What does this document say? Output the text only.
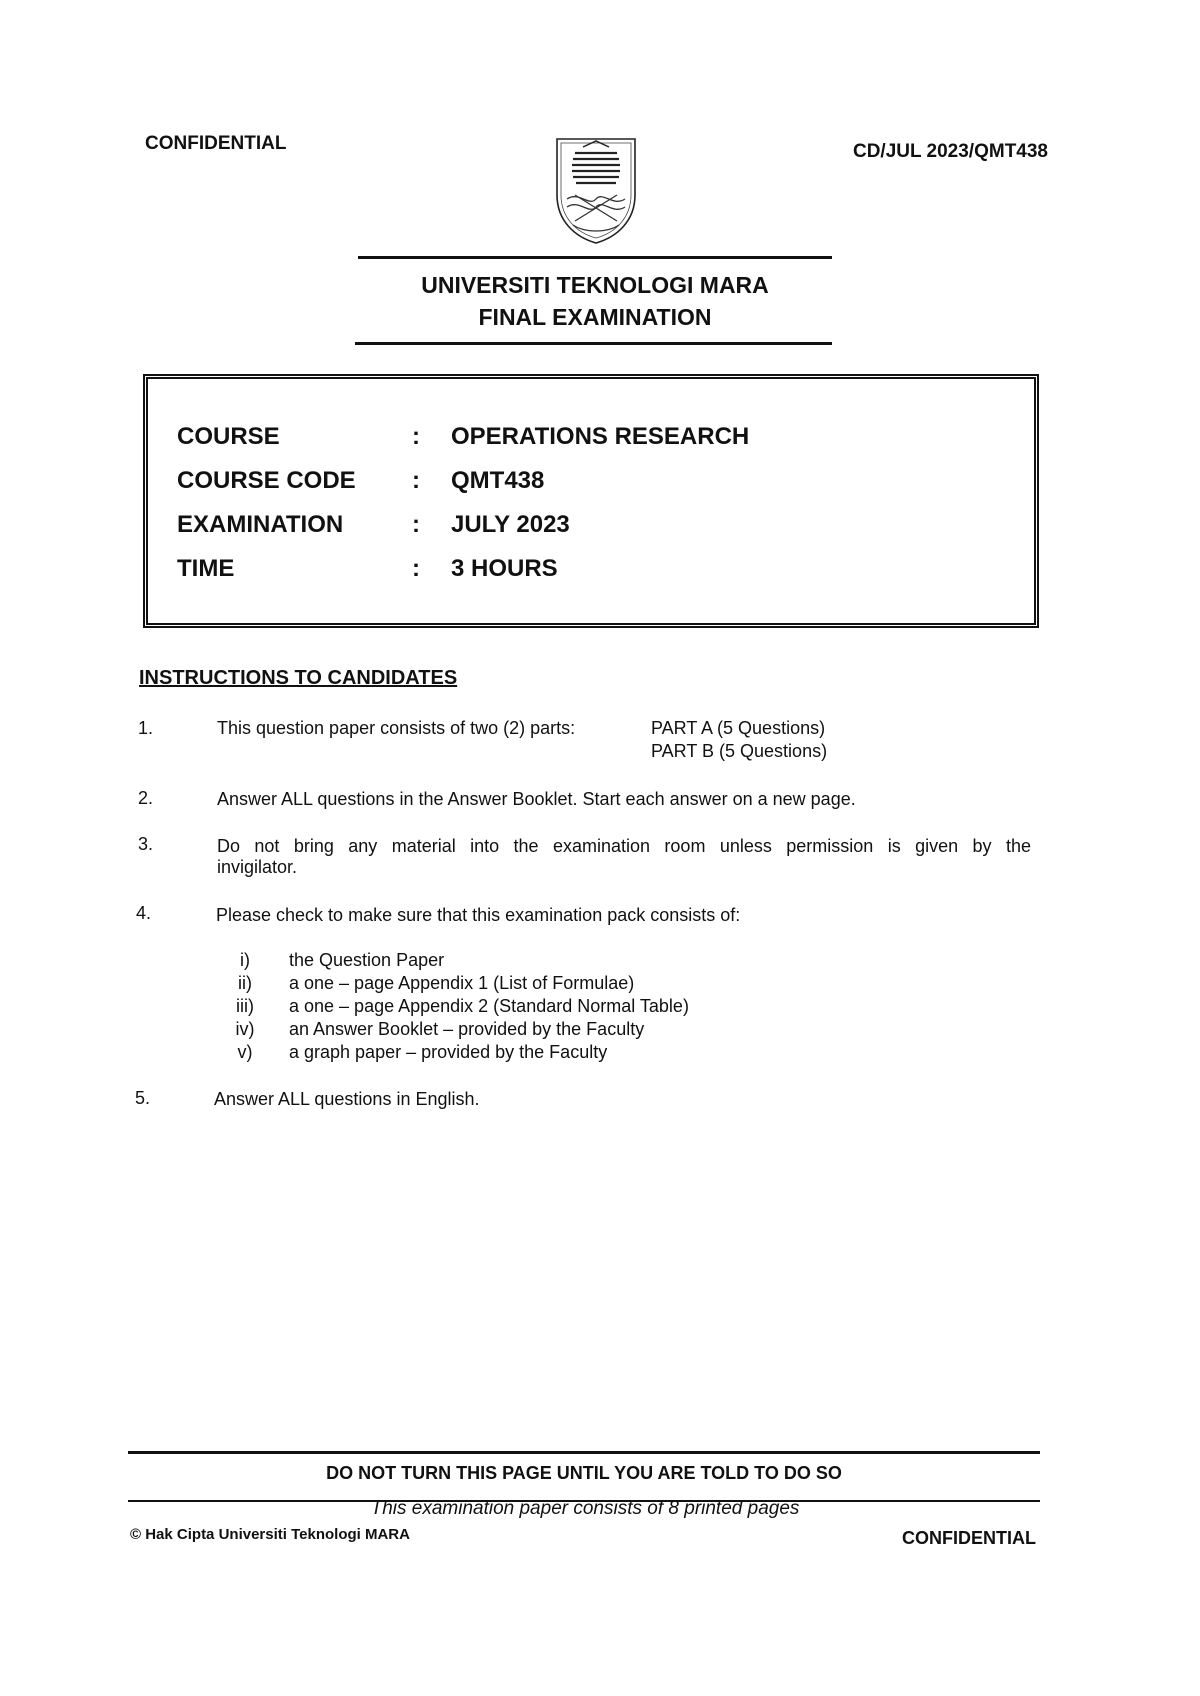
CONFIDENTIAL	CD/JUL 2023/QMT438
UNIVERSITI TEKNOLOGI MARA
FINAL EXAMINATION
COURSE	: OPERATIONS RESEARCH
COURSE CODE : QMT438
EXAMINATION	: JULY 2023
TIME	: 3 HOURS
INSTRUCTIONS TO CANDIDATES
1.	This question paper consists of two (2) parts:	PART A (5 Questions)
PART B (5 Questions)
2.	Answer ALL questions in the Answer Booklet. Start each answer on a new page.
3.	Do not bring any material into the examination room unless permission is given by the
invigilator.
4.	Please check to make sure that this examination pack consists of:
i)	the Question Paper
ii)	a one – page Appendix 1 (List of Formulae)
iii)	a one – page Appendix 2 (Standard Normal Table)
iv)	an Answer Booklet – provided by the Faculty
v)	a graph paper – provided by the Faculty
5.	Answer ALL questions in English.
DO NOT TURN THIS PAGE UNTIL YOU ARE TOLD TO DO SO
This examination paper consists of 8 printed pages
© Hak Cipta Universiti Teknologi MARA	CONFIDENTIAL
